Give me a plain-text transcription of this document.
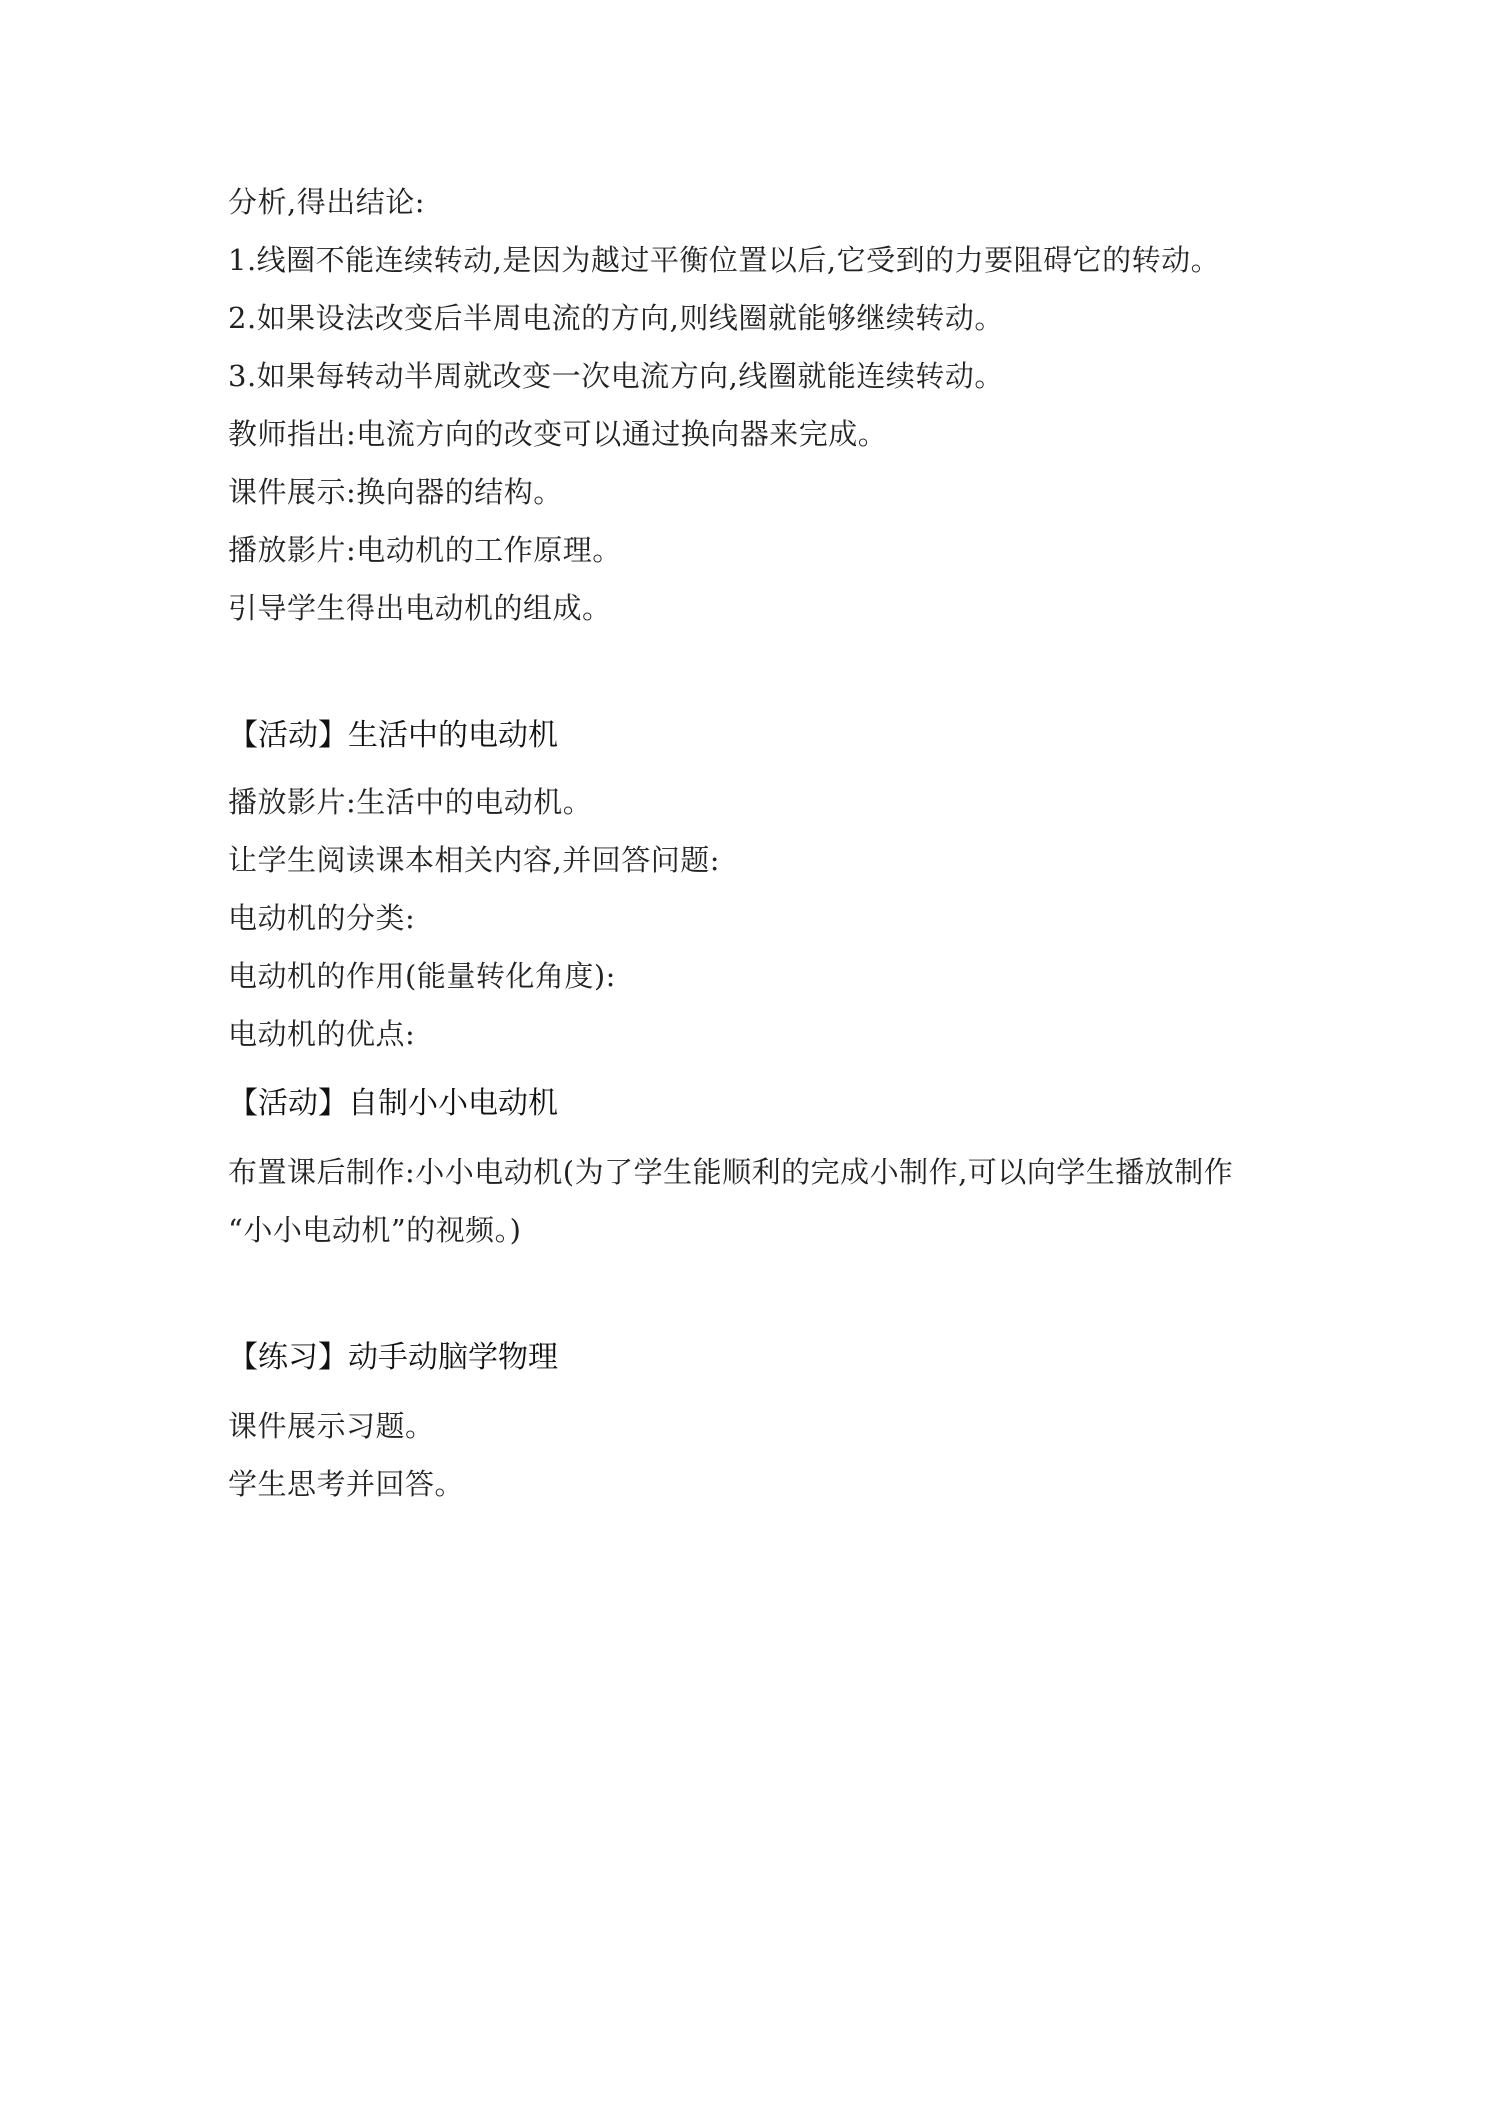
分析,得出结论:
1.线圈不能连续转动,是因为越过平衡位置以后,它受到的力要阻碍它的转动。
2.如果设法改变后半周电流的方向,则线圈就能够继续转动。
3.如果每转动半周就改变一次电流方向,线圈就能连续转动。
教师指出:电流方向的改变可以通过换向器来完成。
课件展示:换向器的结构。
播放影片:电动机的工作原理。
引导学生得出电动机的组成。
【活动】生活中的电动机
播放影片:生活中的电动机。
让学生阅读课本相关内容,并回答问题:
电动机的分类:
电动机的作用(能量转化角度):
电动机的优点:
【活动】自制小小电动机
布置课后制作:小小电动机(为了学生能顺利的完成小制作,可以向学生播放制作
“小小电动机”的视频。)
【练习】动手动脑学物理
课件展示习题。
学生思考并回答。
